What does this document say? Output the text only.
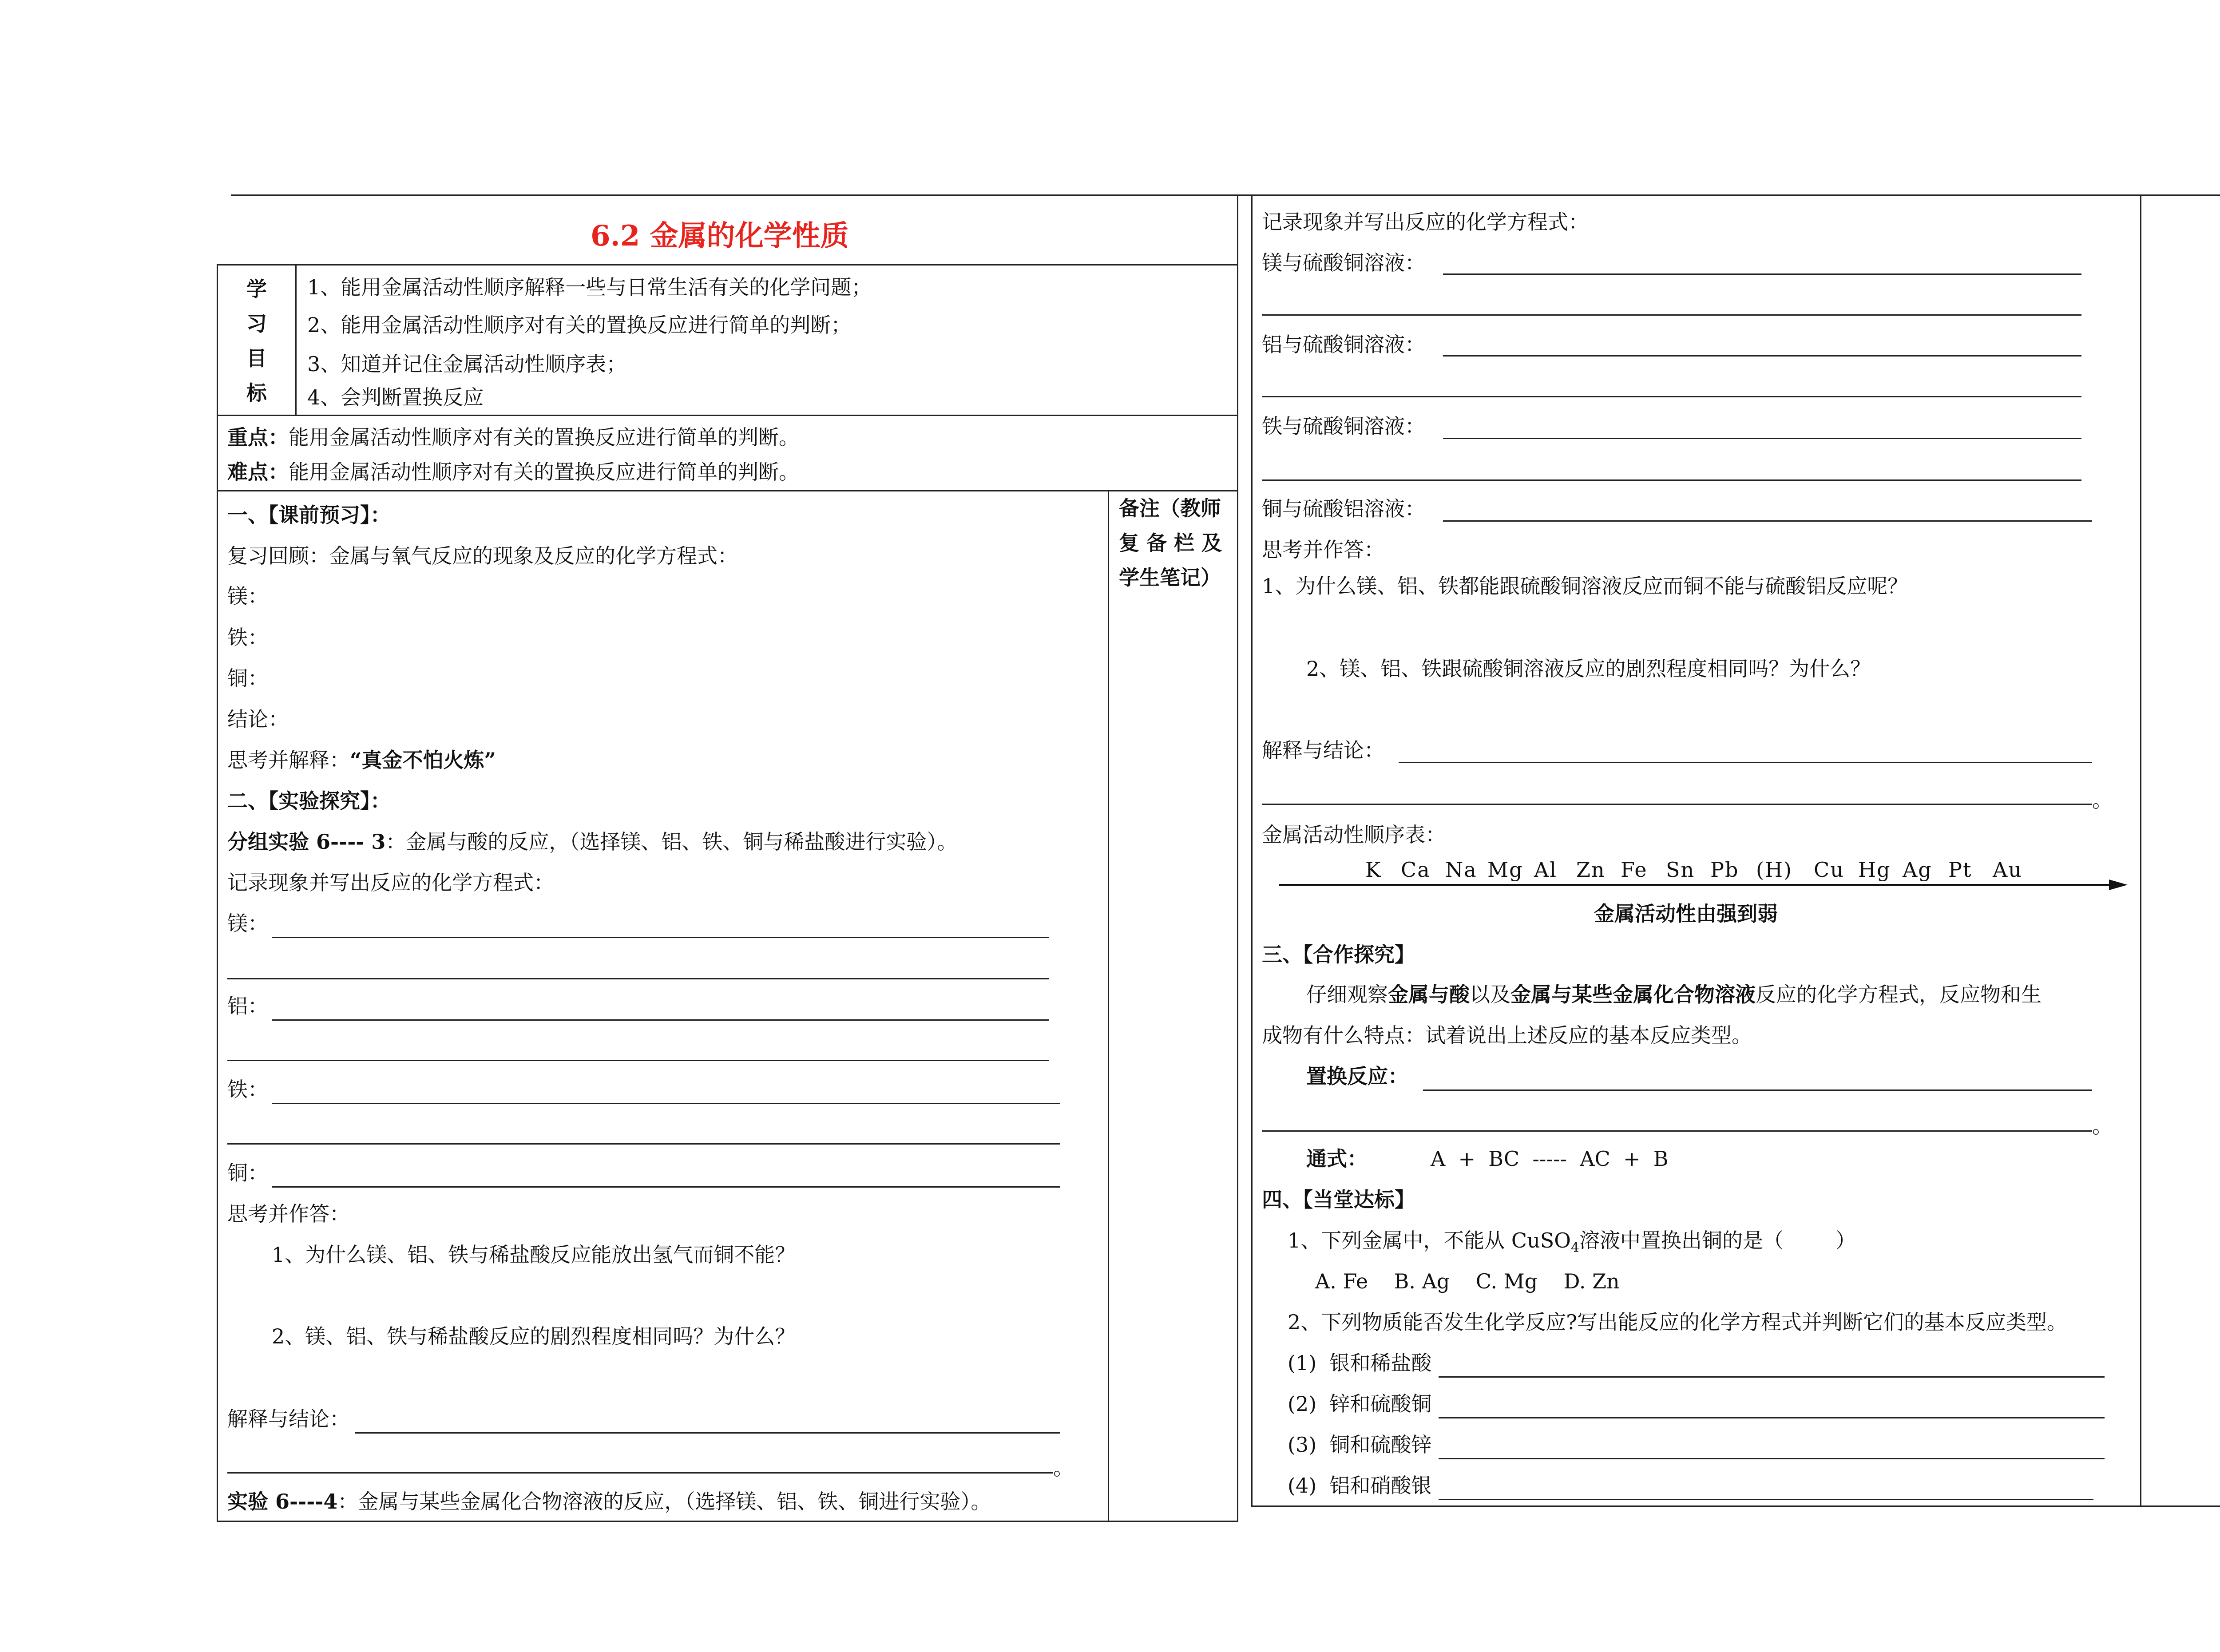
6.2 金属的化学性质
学
习
目
标
1、能用金属活动性顺序解释一些与日常生活有关的化学问题；
2、能用金属活动性顺序对有关的置换反应进行简单的判断；
3、知道并记住金属活动性顺序表；
4、会判断置换反应
重点：能用金属活动性顺序对有关的置换反应进行简单的判断。
难点：能用金属活动性顺序对有关的置换反应进行简单的判断。
备注（教师
复 备 栏 及
学生笔记）
一、【课前预习】：
复习回顾：金属与氧气反应的现象及反应的化学方程式：
镁：
铁：
铜：
结论：
思考并解释：“真金不怕火炼”
二、【实验探究】：
分组实验 6---- 3：金属与酸的反应，（选择镁、铝、铁、铜与稀盐酸进行实验）。
记录现象并写出反应的化学方程式：
镁：
铝：
铁：
铜：
思考并作答：
1、为什么镁、铝、铁与稀盐酸反应能放出氢气而铜不能？
2、镁、铝、铁与稀盐酸反应的剧烈程度相同吗？为什么？
解释与结论：
。
实验 6----4：金属与某些金属化合物溶液的反应，（选择镁、铝、铁、铜进行实验）。
记录现象并写出反应的化学方程式：
镁与硫酸铜溶液：
铝与硫酸铜溶液：
铁与硫酸铜溶液：
铜与硫酸铝溶液：
思考并作答：
1、为什么镁、铝、铁都能跟硫酸铜溶液反应而铜不能与硫酸铝反应呢？
2、镁、铝、铁跟硫酸铜溶液反应的剧烈程度相同吗？为什么？
解释与结论：
。
金属活动性顺序表：
K Ca Na Mg Al Zn Fe Sn Pb (H) Cu Hg Ag Pt Au
金属活动性由强到弱
三、【合作探究】
仔细观察金属与酸以及金属与某些金属化合物溶液反应的化学方程式，反应物和生
成物有什么特点：试着说出上述反应的基本反应类型。
置换反应：
。
通式：	A  +  BC  -----  AC  +  B
四、【当堂达标】
1、下列金属中，不能从 CuSO$_4$溶液中置换出铜的是（        ）
A. Fe    B. Ag    C. Mg    D. Zn
2、下列物质能否发生化学反应?写出能反应的化学方程式并判断它们的基本反应类型。
(1)  银和稀盐酸
(2)  锌和硫酸铜
(3)  铜和硫酸锌
(4)  铝和硝酸银
